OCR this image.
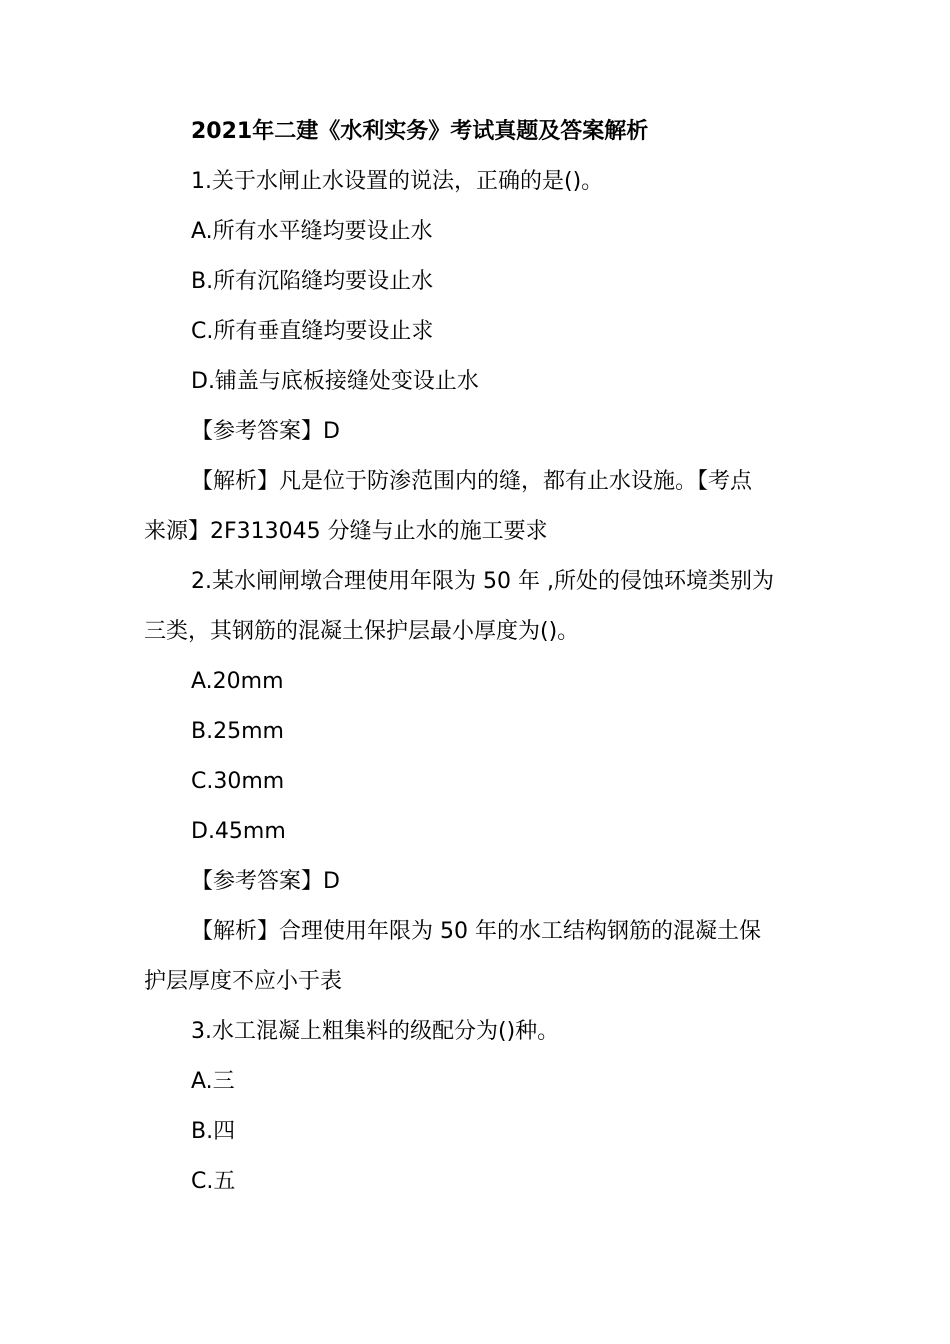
2021年二建《水利实务》考试真题及答案解析
1.关于水闸止水设置的说法，正确的是()。
A.所有水平缝均要设止水
B.所有沉陷缝均要设止水
C.所有垂直缝均要设止求
D.铺盖与底板接缝处变设止水
【参考答案】D
【解析】凡是位于防渗范围内的缝，都有止水设施。【考点
来源】2F313045 分缝与止水的施工要求
2.某水闸闸墩合理使用年限为 50 年 ,所处的侵蚀环境类别为
三类，其钢筋的混凝土保护层最小厚度为()。
A.20mm
B.25mm
C.30mm
D.45mm
【参考答案】D
【解析】合理使用年限为 50 年的水工结构钢筋的混凝土保
护层厚度不应小于表
3.水工混凝上粗集料的级配分为()种。
A.三
B.四
C.五
